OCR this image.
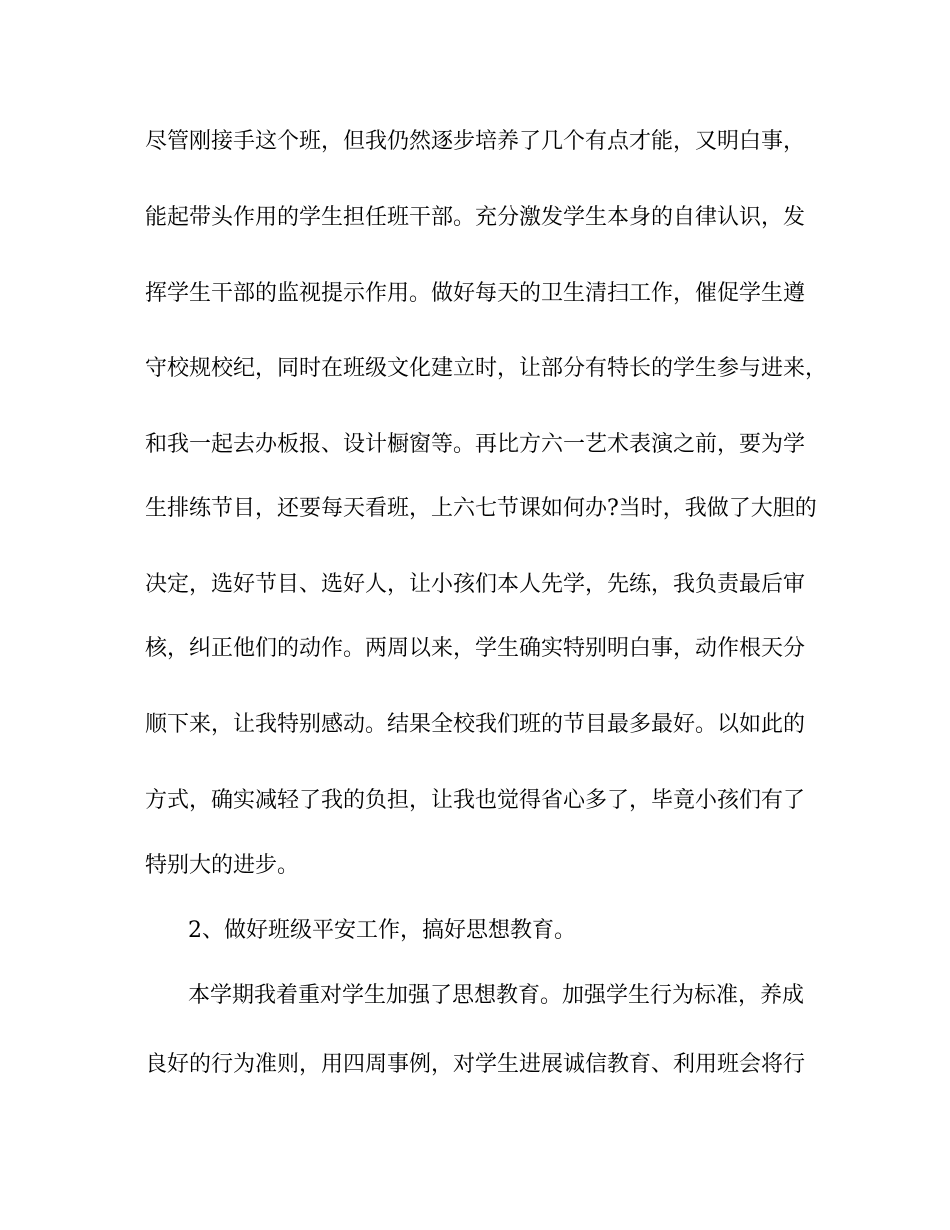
尽管刚接手这个班，但我仍然逐步培养了几个有点才能，又明白事，
能起带头作用的学生担任班干部。充分激发学生本身的自律认识，发
挥学生干部的监视提示作用。做好每天的卫生清扫工作，催促学生遵
守校规校纪，同时在班级文化建立时，让部分有特长的学生参与进来，
和我一起去办板报、设计橱窗等。再比方六一艺术表演之前，要为学
生排练节目，还要每天看班，上六七节课如何办?当时，我做了大胆的
决定，选好节目、选好人，让小孩们本人先学，先练，我负责最后审
核，纠正他们的动作。两周以来，学生确实特别明白事，动作根天分
顺下来，让我特别感动。结果全校我们班的节目最多最好。以如此的
方式，确实减轻了我的负担，让我也觉得省心多了，毕竟小孩们有了
特别大的进步。
2、做好班级平安工作，搞好思想教育。
本学期我着重对学生加强了思想教育。加强学生行为标准，养成
良好的行为准则，用四周事例，对学生进展诚信教育、利用班会将行
